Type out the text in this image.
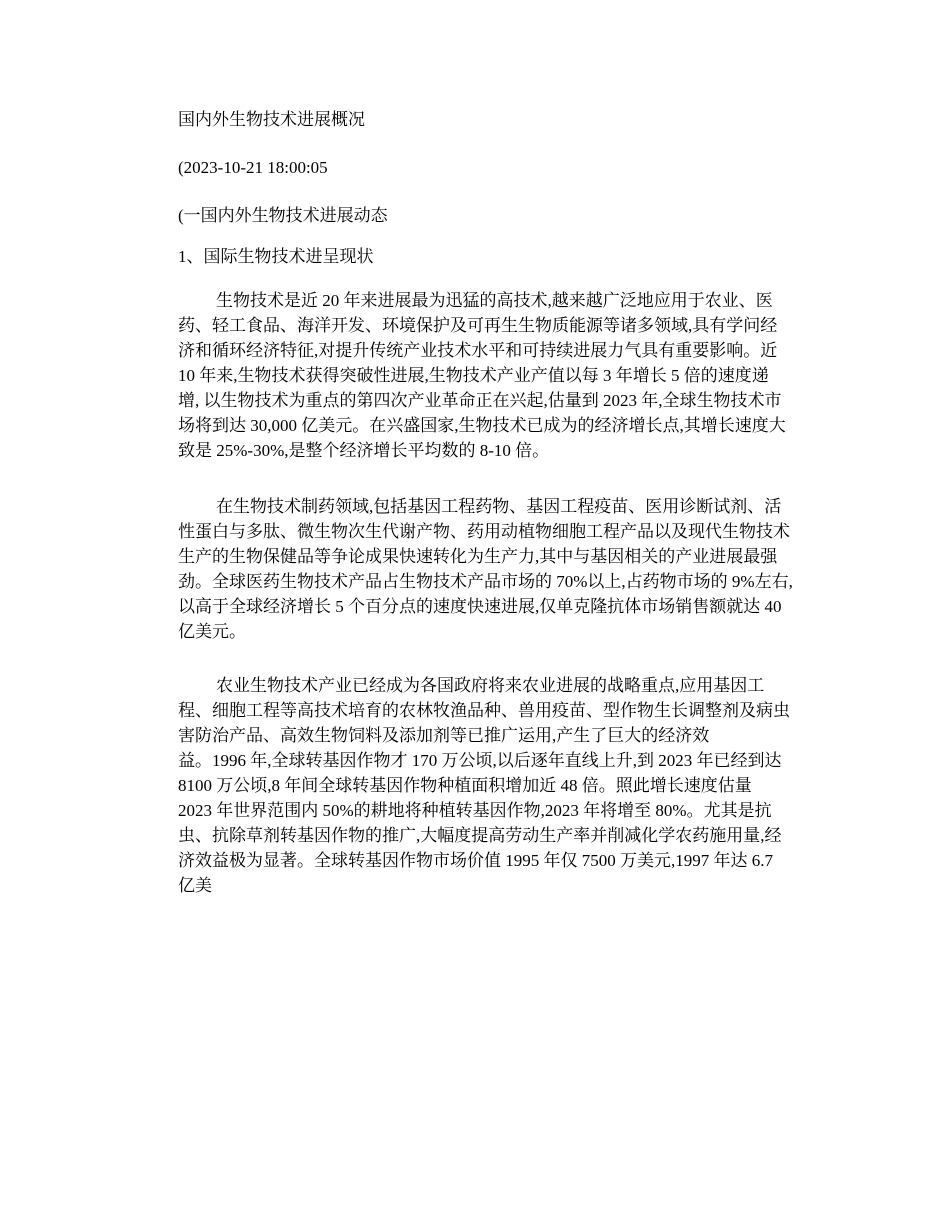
国内外生物技术进展概况
(2023-10-21 18:00:05
(一国内外生物技术进展动态
1、国际生物技术进呈现状
生物技术是近 20 年来进展最为迅猛的高技术,越来越广泛地应用于农业、医
药、轻工食品、海洋开发、环境保护及可再生生物质能源等诸多领域,具有学问经
济和循环经济特征,对提升传统产业技术水平和可持续进展力气具有重要影响。近
10 年来,生物技术获得突破性进展,生物技术产业产值以每 3 年增长 5 倍的速度递
增, 以生物技术为重点的第四次产业革命正在兴起,估量到 2023 年,全球生物技术市
场将到达 30,000 亿美元。在兴盛国家,生物技术已成为的经济增长点,其增长速度大
致是 25%-30%,是整个经济增长平均数的 8-10 倍。
在生物技术制药领域,包括基因工程药物、基因工程疫苗、医用诊断试剂、活
性蛋白与多肽、微生物次生代谢产物、药用动植物细胞工程产品以及现代生物技术
生产的生物保健品等争论成果快速转化为生产力,其中与基因相关的产业进展最强
劲。全球医药生物技术产品占生物技术产品市场的 70%以上,占药物市场的 9%左右,
以高于全球经济增长 5 个百分点的速度快速进展,仅单克隆抗体市场销售额就达 40
亿美元。
农业生物技术产业已经成为各国政府将来农业进展的战略重点,应用基因工
程、细胞工程等高技术培育的农林牧渔品种、兽用疫苗、型作物生长调整剂及病虫
害防治产品、高效生物饲料及添加剂等已推广运用,产生了巨大的经济效
益。1996 年,全球转基因作物才 170 万公顷,以后逐年直线上升,到 2023 年已经到达
8100 万公顷,8 年间全球转基因作物种植面积增加近 48 倍。照此增长速度估量
2023 年世界范围内 50%的耕地将种植转基因作物,2023 年将增至 80%。尤其是抗
虫、抗除草剂转基因作物的推广,大幅度提高劳动生产率并削减化学农药施用量,经
济效益极为显著。全球转基因作物市场价值 1995 年仅 7500 万美元,1997 年达 6.7
亿美
